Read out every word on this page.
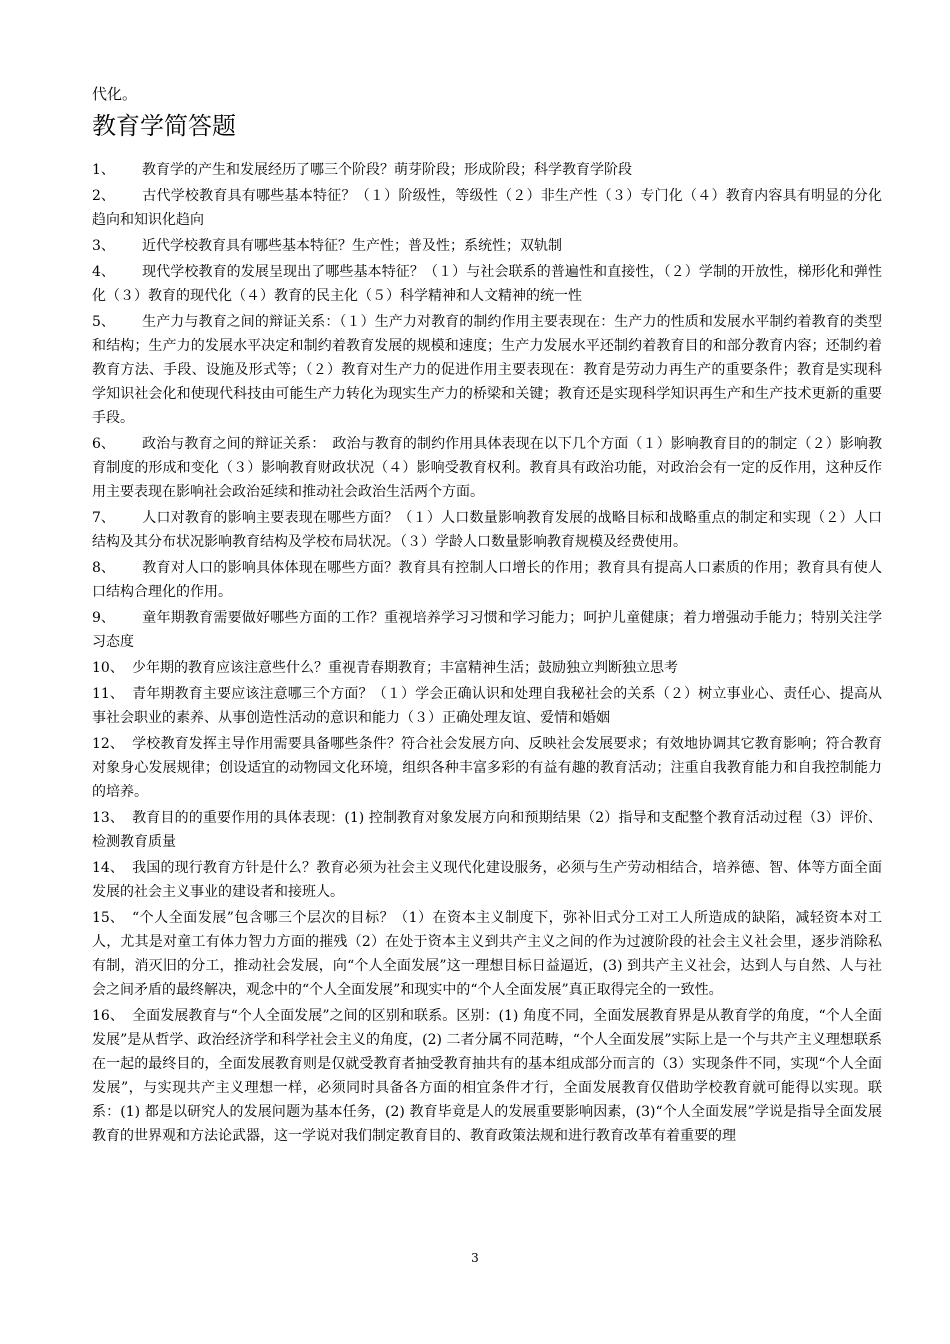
代化。

教育学简答题
1、 教育学的产生和发展经历了哪三个阶段？萌芽阶段；形成阶段；科学教育学阶段
2、 古代学校教育具有哪些基本特征？（１）阶级性，等级性（２）非生产性（３）专门化（４）教育内容具有明显的分化趋向和知识化趋向
3、 近代学校教育具有哪些基本特征？生产性；普及性；系统性；双轨制
4、 现代学校教育的发展呈现出了哪些基本特征？（１）与社会联系的普遍性和直接性，（２）学制的开放性，梯形化和弹性化（３）教育的现代化（４）教育的民主化（５）科学精神和人文精神的统一性
5、 生产力与教育之间的辩证关系：（１）生产力对教育的制约作用主要表现在：生产力的性质和发展水平制约着教育的类型和结构；生产力的发展水平决定和制约着教育发展的规模和速度；生产力发展水平还制约着教育目的和部分教育内容；还制约着教育方法、手段、设施及形式等；（２）教育对生产力的促进作用主要表现在：教育是劳动力再生产的重要条件；教育是实现科学知识社会化和使现代科技由可能生产力转化为现实生产力的桥梁和关键；教育还是实现科学知识再生产和生产技术更新的重要手段。
6、 政治与教育之间的辩证关系：　政治与教育的制约作用具体表现在以下几个方面（１）影响教育目的的制定（２）影响教育制度的形成和变化（３）影响教育财政状况（４）影响受教育权利。教育具有政治功能，对政治会有一定的反作用，这种反作用主要表现在影响社会政治延续和推动社会政治生活两个方面。
7、 人口对教育的影响主要表现在哪些方面？（１）人口数量影响教育发展的战略目标和战略重点的制定和实现（２）人口结构及其分布状况影响教育结构及学校布局状况。（３）学龄人口数量影响教育规模及经费使用。
8、 教育对人口的影响具体体现在哪些方面？教育具有控制人口增长的作用；教育具有提高人口素质的作用；教育具有使人口结构合理化的作用。
9、 童年期教育需要做好哪些方面的工作？重视培养学习习惯和学习能力；呵护儿童健康；着力增强动手能力；特别关注学习态度
10、 少年期的教育应该注意些什么？重视青春期教育；丰富精神生活；鼓励独立判断独立思考
11、 青年期教育主要应该注意哪三个方面？（１）学会正确认识和处理自我秘社会的关系（２）树立事业心、责任心、提高从事社会职业的素养、从事创造性活动的意识和能力（３）正确处理友谊、爱情和婚姻
12、 学校教育发挥主导作用需要具备哪些条件？符合社会发展方向、反映社会发展要求；有效地协调其它教育影响；符合教育对象身心发展规律；创设适宜的动物园文化环境，组织各种丰富多彩的有益有趣的教育活动；注重自我教育能力和自我控制能力的培养。
13、 教育目的的重要作用的具体表现：(1) 控制教育对象发展方向和预期结果（2）指导和支配整个教育活动过程（3）评价、检测教育质量
14、 我国的现行教育方针是什么？教育必须为社会主义现代化建设服务，必须与生产劳动相结合，培养德、智、体等方面全面发展的社会主义事业的建设者和接班人。
15、 “个人全面发展”包含哪三个层次的目标？（1）在资本主义制度下，弥补旧式分工对工人所造成的缺陷，减轻资本对工人，尤其是对童工有体力智力方面的摧残（2）在处于资本主义到共产主义之间的作为过渡阶段的社会主义社会里，逐步消除私有制，消灭旧的分工，推动社会发展，向“个人全面发展”这一理想目标日益逼近，(3) 到共产主义社会，达到人与自然、人与社会之间矛盾的最终解决，观念中的“个人全面发展”和现实中的“个人全面发展”真正取得完全的一致性。
16、 全面发展教育与“个人全面发展”之间的区别和联系。区别：(1) 角度不同，全面发展教育界是从教育学的角度，“个人全面发展”是从哲学、政治经济学和科学社会主义的角度，(2) 二者分属不同范畴，“个人全面发展”实际上是一个与共产主义理想联系在一起的最终目的，全面发展教育则是仅就受教育者抽受教育抽共有的基本组成部分而言的（3）实现条件不同，实现“个人全面发展”，与实现共产主义理想一样，必须同时具备各方面的相宜条件才行，全面发展教育仅借助学校教育就可能得以实现。联系：(1) 都是以研究人的发展问题为基本任务，(2) 教育毕竟是人的发展重要影响因素，(3)“个人全面发展”学说是指导全面发展教育的世界观和方法论武器，这一学说对我们制定教育目的、教育政策法规和进行教育改革有着重要的理
3
